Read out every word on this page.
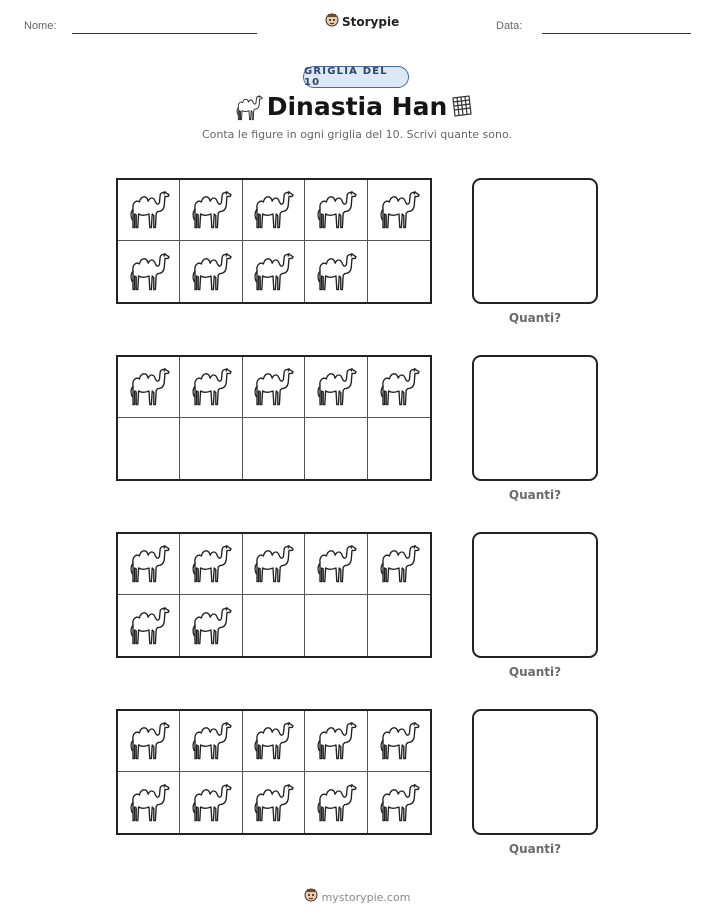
Nome:	Storypie	Data:
GRIGLIA DEL 10
Dinastia Han
Conta le figure in ogni griglia del 10. Scrivi quante sono.
Quanti?
Quanti?
Quanti?
Quanti?
mystorypie.com
